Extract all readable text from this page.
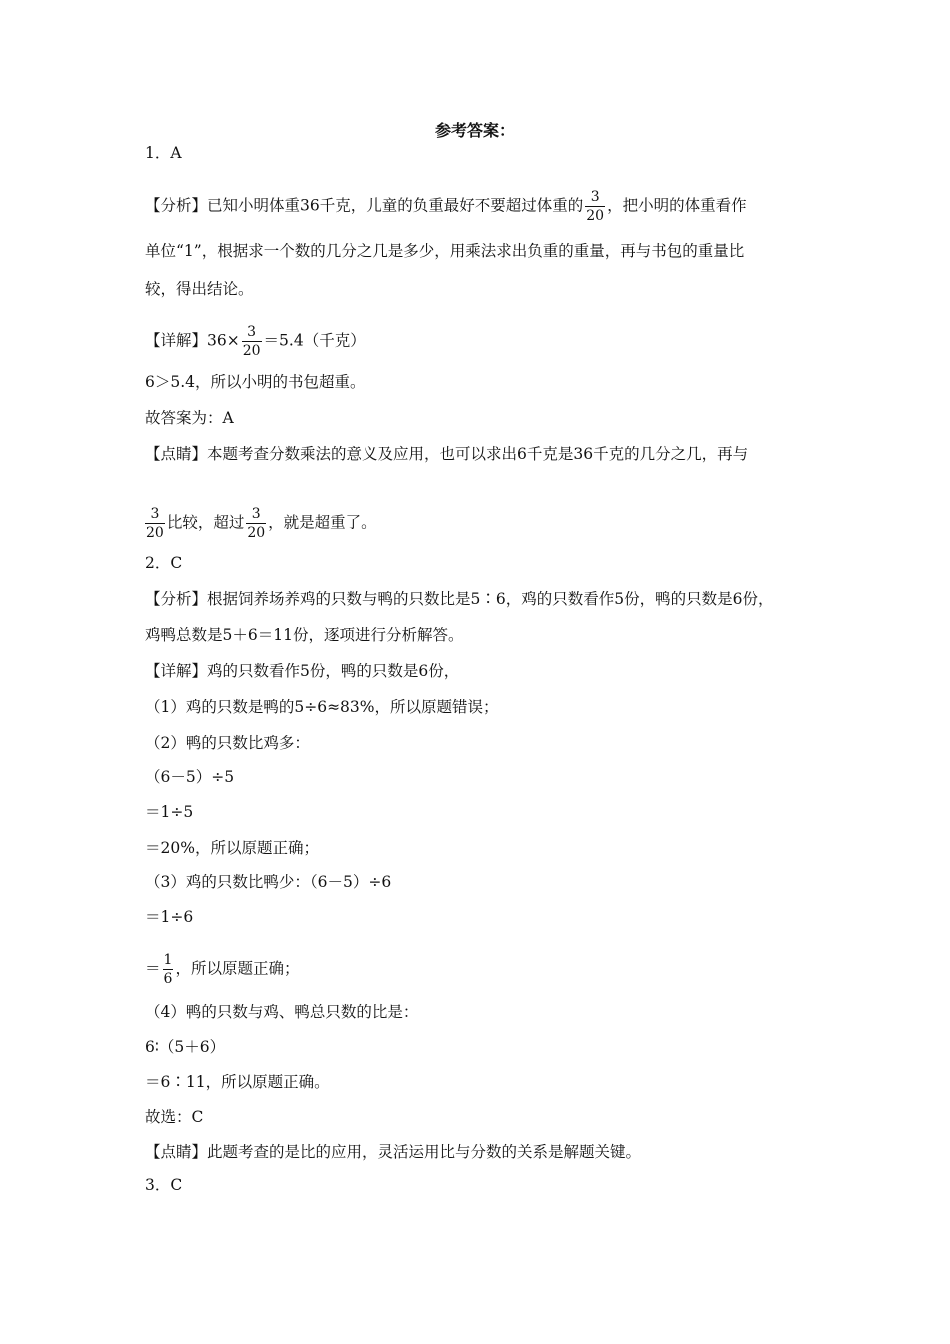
参考答案：
1．A
【分析】已知小明体重36千克，儿童的负重最好不要超过体重的 $\frac{3}{20}$ ，把小明的体重看作
单位“1”，根据求一个数的几分之几是多少，用乘法求出负重的重量，再与书包的重量比
较，得出结论。
【详解】$36\times \frac{3}{20} =5.4$（千克）
6＞5.4，所以小明的书包超重。
故答案为：A
【点睛】本题考查分数乘法的意义及应用，也可以求出6千克是36千克的几分之几，再与
$\frac{3}{20}$ 比较，超过 $\frac{3}{20}$ ，就是超重了。
2．C
【分析】根据饲养场养鸡的只数与鸭的只数比是5∶6，鸡的只数看作5份，鸭的只数是6份，
鸡鸭总数是5＋6＝11份，逐项进行分析解答。
【详解】鸡的只数看作5份，鸭的只数是6份，
（1）鸡的只数是鸭的5÷6≈83%，所以原题错误；
（2）鸭的只数比鸡多：
（6－5）÷5
＝1÷5
＝20%，所以原题正确；
（3）鸡的只数比鸭少：（6－5）÷6
＝1÷6
＝ $\frac{1}{6}$ ，所以原题正确；
（4）鸭的只数与鸡、鸭总只数的比是：
6∶（5＋6）
＝6∶11，所以原题正确。
故选：C
【点睛】此题考查的是比的应用，灵活运用比与分数的关系是解题关键。
3．C
